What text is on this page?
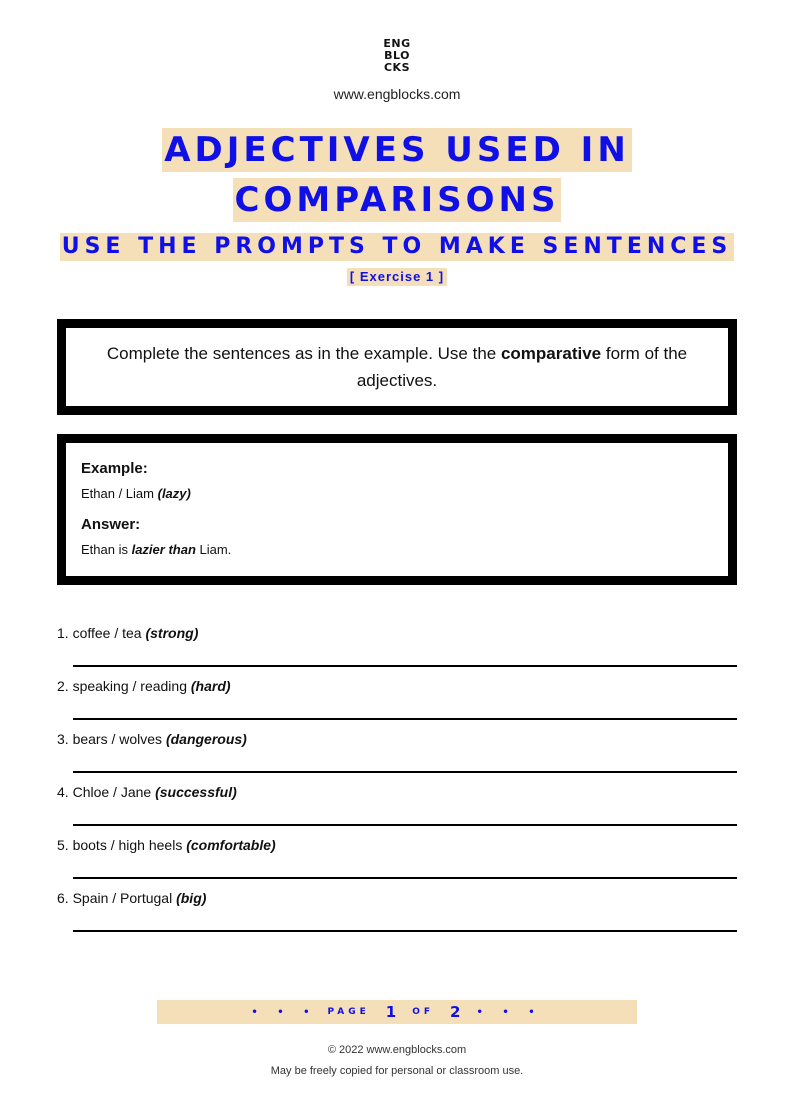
ENG
BLO
CKS
www.engblocks.com
ADJECTIVES USED IN
COMPARISONS
USE THE PROMPTS TO MAKE SENTENCES
[ Exercise 1 ]
Complete the sentences as in the example. Use the comparative form of the adjectives.

Example:

Ethan / Liam (lazy)

Answer:

Ethan is lazier than Liam.

1. coffee / tea (strong)
2. speaking / reading (hard)
3. bears / wolves (dangerous)
4. Chloe / Jane (successful)
5. boots / high heels (comfortable)
6. Spain / Portugal (big)
• • • PAGE 1 OF 2 • • •
© 2022 www.engblocks.com
May be freely copied for personal or classroom use.
